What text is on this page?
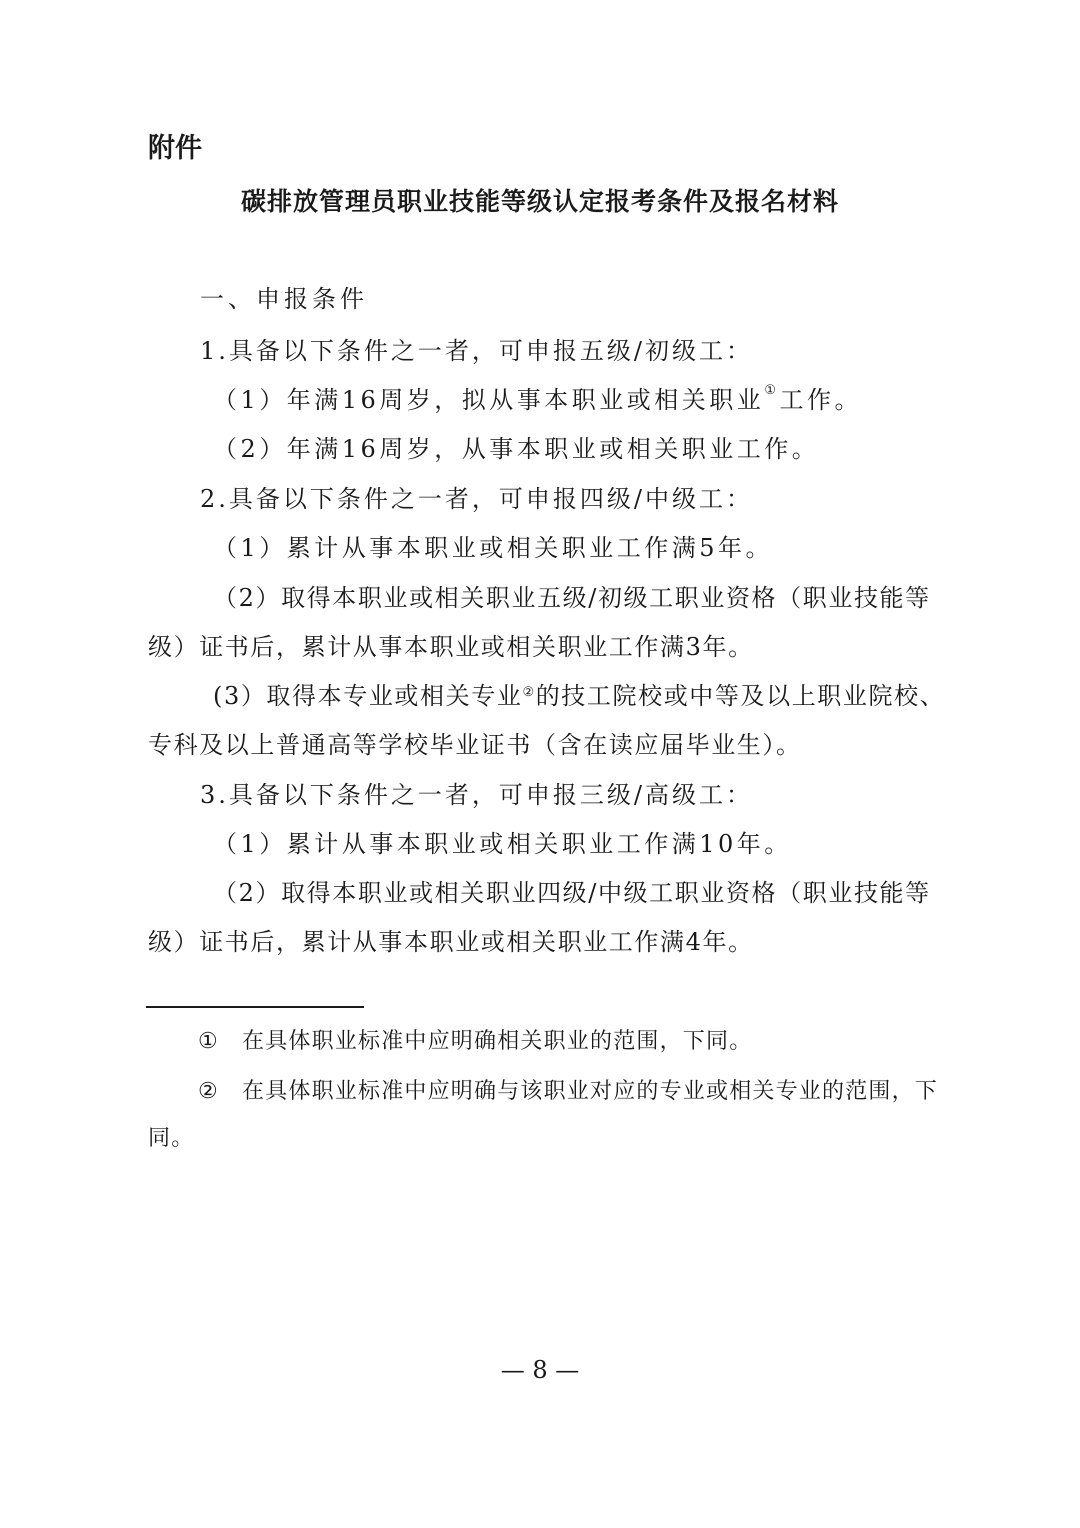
附件
碳排放管理员职业技能等级认定报考条件及报名材料
一、申报条件
1.具备以下条件之一者，可申报五级/初级工：
（1）年满16周岁，拟从事本职业或相关职业①工作。
（2）年满16周岁，从事本职业或相关职业工作。
2.具备以下条件之一者，可申报四级/中级工：
（1）累计从事本职业或相关职业工作满5年。
（2）取得本职业或相关职业五级/初级工职业资格（职业技能等级）证书后，累计从事本职业或相关职业工作满3年。
(3）取得本专业或相关专业②的技工院校或中等及以上职业院校、专科及以上普通高等学校毕业证书（含在读应届毕业生）。
3.具备以下条件之一者，可申报三级/高级工：
（1）累计从事本职业或相关职业工作满10年。
（2）取得本职业或相关职业四级/中级工职业资格（职业技能等级）证书后，累计从事本职业或相关职业工作满4年。
① 在具体职业标准中应明确相关职业的范围，下同。
② 在具体职业标准中应明确与该职业对应的专业或相关专业的范围，下同。
— 8 —
